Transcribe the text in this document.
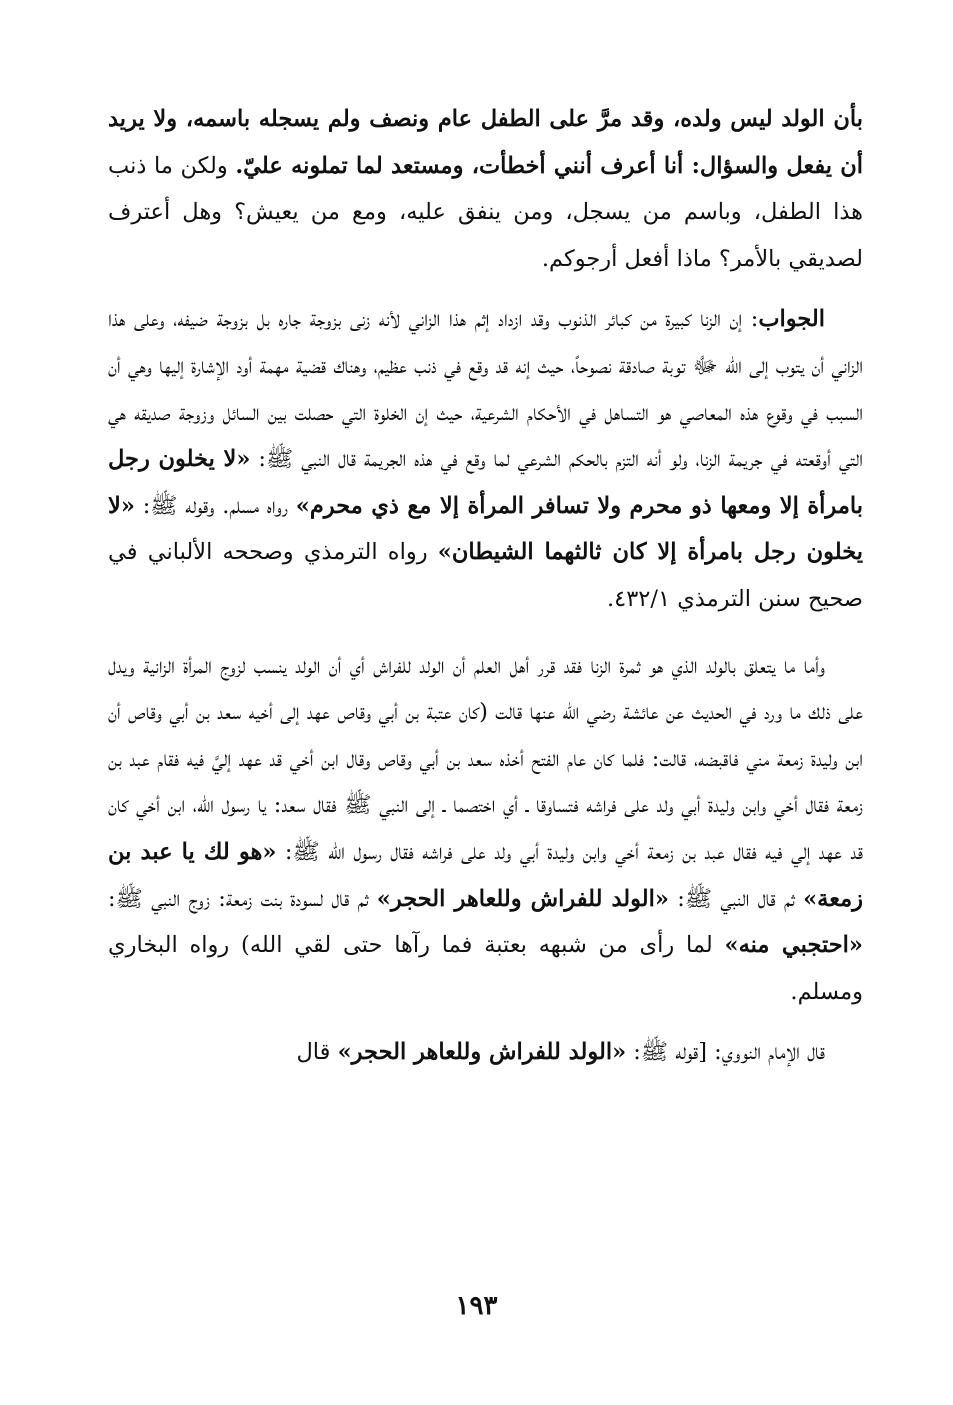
بأن الولد ليس ولده، وقد مرَّ على الطفل عام ونصف ولم يسجله باسمه، ولا يريد أن يفعل والسؤال: أنا أعرف أنني أخطأت، ومستعد لما تملونه عليّ. ولكن ما ذنب هذا الطفل، وباسم من يسجل، ومن ينفق عليه، ومع من يعيش؟ وهل أعترف لصديقي بالأمر؟ ماذا أفعل أرجوكم.

الجواب: إن الزنا كبيرة من كبائر الذنوب وقد ازداد إثم هذا الزاني لأنه زنى بزوجة جاره بل بزوجة ضيفه، وعلى هذا الزاني أن يتوب إلى الله ﷻ توبة صادقة نصوحاً، حيث إنه قد وقع في ذنب عظيم، وهناك قضية مهمة أود الإشارة إليها وهي أن السبب في وقوع هذه المعاصي هو التساهل في الأحكام الشرعية، حيث إن الخلوة التي حصلت بين السائل وزوجة صديقه هي التي أوقعته في جريمة الزنا، ولو أنه التزم بالحكم الشرعي لما وقع في هذه الجريمة قال النبي ﷺ: «لا يخلون رجل بامرأة إلا ومعها ذو محرم ولا تسافر المرأة إلا مع ذي محرم» رواه مسلم. وقوله ﷺ: «لا يخلون رجل بامرأة إلا كان ثالثهما الشيطان» رواه الترمذي وصححه الألباني في صحيح سنن الترمذي ٤٣٢/١.

وأما ما يتعلق بالولد الذي هو ثمرة الزنا فقد قرر أهل العلم أن الولد للفراش أي أن الولد ينسب لزوج المرأة الزانية ويدل على ذلك ما ورد في الحديث عن عائشة رضي الله عنها قالت (كان عتبة بن أبي وقاص عهد إلى أخيه سعد بن أبي وقاص أن ابن وليدة زمعة مني فاقبضه، قالت: فلما كان عام الفتح أخذه سعد بن أبي وقاص وقال ابن أخي قد عهد إليَّ فيه فقام عبد بن زمعة فقال أخي وابن وليدة أبي ولد على فراشه فتساوقا ـ أي اختصما ـ إلى النبي ﷺ فقال سعد: يا رسول الله، ابن أخي كان قد عهد إلي فيه فقال عبد بن زمعة أخي وابن وليدة أبي ولد على فراشه فقال رسول الله ﷺ: «هو لك يا عبد بن زمعة» ثم قال النبي ﷺ: «الولد للفراش وللعاهر الحجر» ثم قال لسودة بنت زمعة: زوج النبي ﷺ: «احتجبي منه» لما رأى من شبهه بعتبة فما رآها حتى لقي الله) رواه البخاري ومسلم.

قال الإمام النووي: [قوله ﷺ: «الولد للفراش وللعاهر الحجر» قال

١٩٣
